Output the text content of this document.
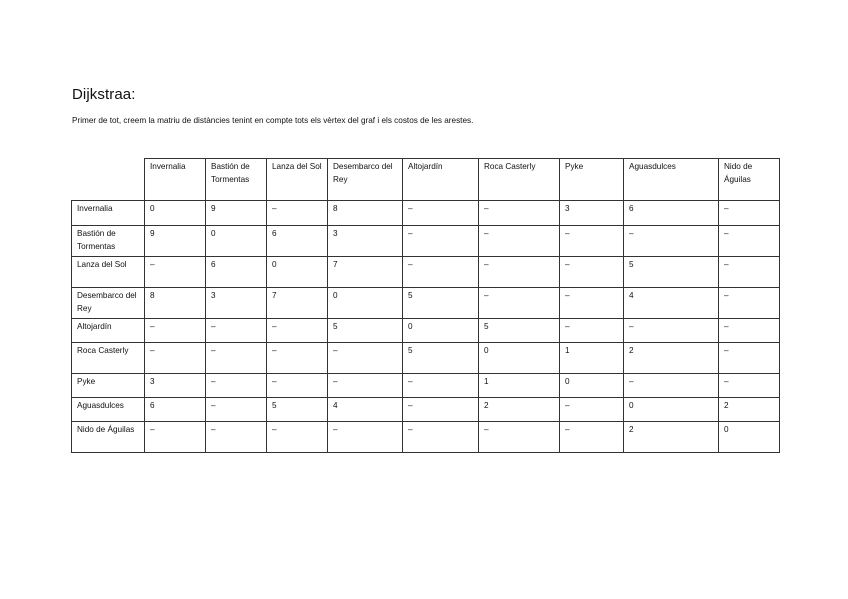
Dijkstraa:

Primer de tot, creem la matriu de distàncies tenint en compte tots els vèrtex del graf i els costos de les arestes.

	Invernalia	Bastión de Tormentas	Lanza del Sol	Desembarco del Rey	Altojardín	Roca Casterly	Pyke	Aguasdulces	Nido de Águilas
Invernalia	0	9	–	8	–	–	3	6	–
Bastión de Tormentas	9	0	6	3	–	–	–	–	–
Lanza del Sol	–	6	0	7	–	–	–	5	–
Desembarco del Rey	8	3	7	0	5	–	–	4	–
Altojardín	–	–	–	5	0	5	–	–	–
Roca Casterly	–	–	–	–	5	0	1	2	–
Pyke	3	–	–	–	–	1	0	–	–
Aguasdulces	6	–	5	4	–	2	–	0	2
Nido de Águilas	–	–	–	–	–	–	–	2	0
